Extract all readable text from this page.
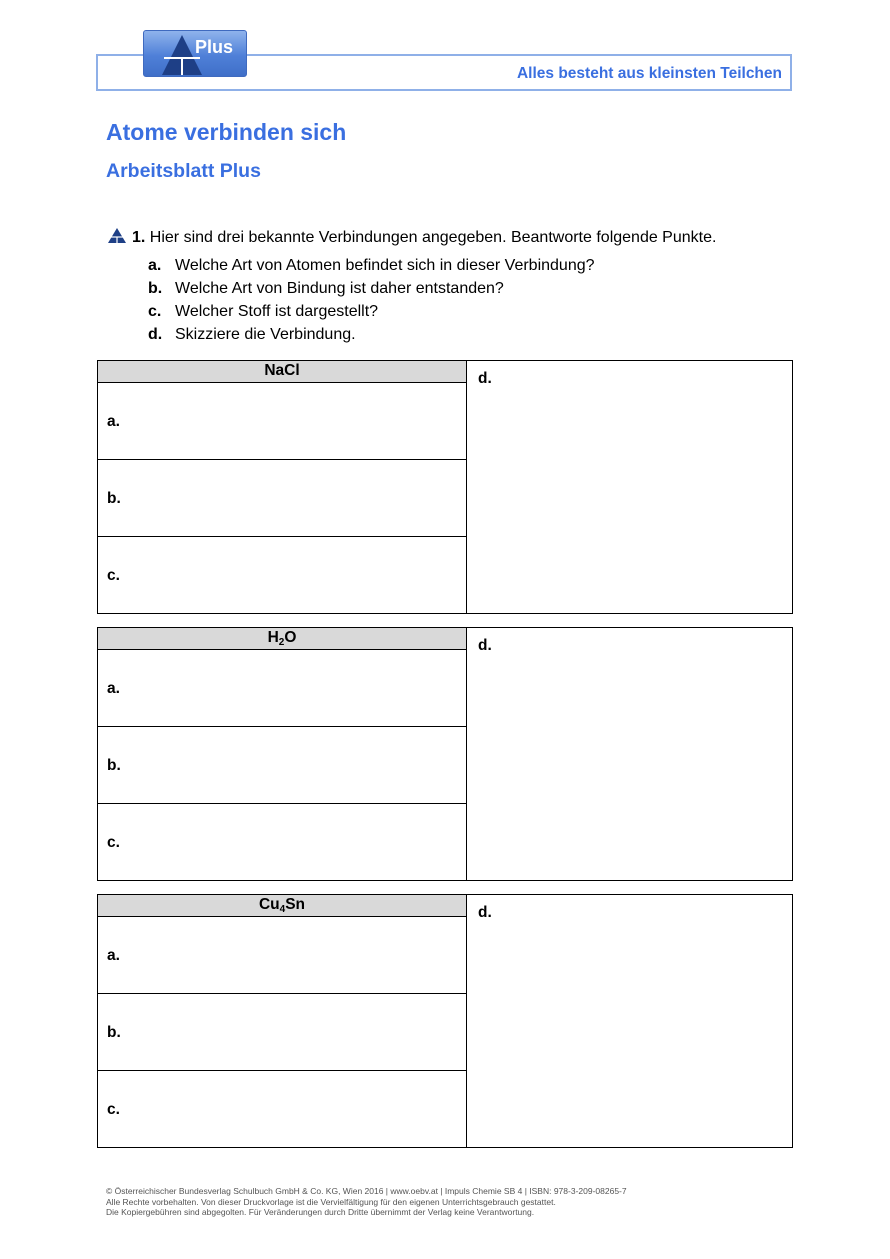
Alles besteht aus kleinsten Teilchen
Plus
Atome verbinden sich
Arbeitsblatt Plus
1. Hier sind drei bekannte Verbindungen angegeben. Beantworte folgende Punkte.
a. Welche Art von Atomen befindet sich in dieser Verbindung?
b. Welche Art von Bindung ist daher entstanden?
c. Welcher Stoff ist dargestellt?
d. Skizziere die Verbindung.
NaCl
a.
b.
c.
d.
$H_2O$
a.
b.
c.
d.
$Cu_4Sn$
a.
b.
c.
d.
© Österreichischer Bundesverlag Schulbuch GmbH & Co. KG, Wien 2016 | www.oebv.at | Impuls Chemie SB 4 | ISBN: 978-3-209-08265-7
Alle Rechte vorbehalten. Von dieser Druckvorlage ist die Vervielfältigung für den eigenen Unterrichtsgebrauch gestattet.
Die Kopiergebühren sind abgegolten. Für Veränderungen durch Dritte übernimmt der Verlag keine Verantwortung.
